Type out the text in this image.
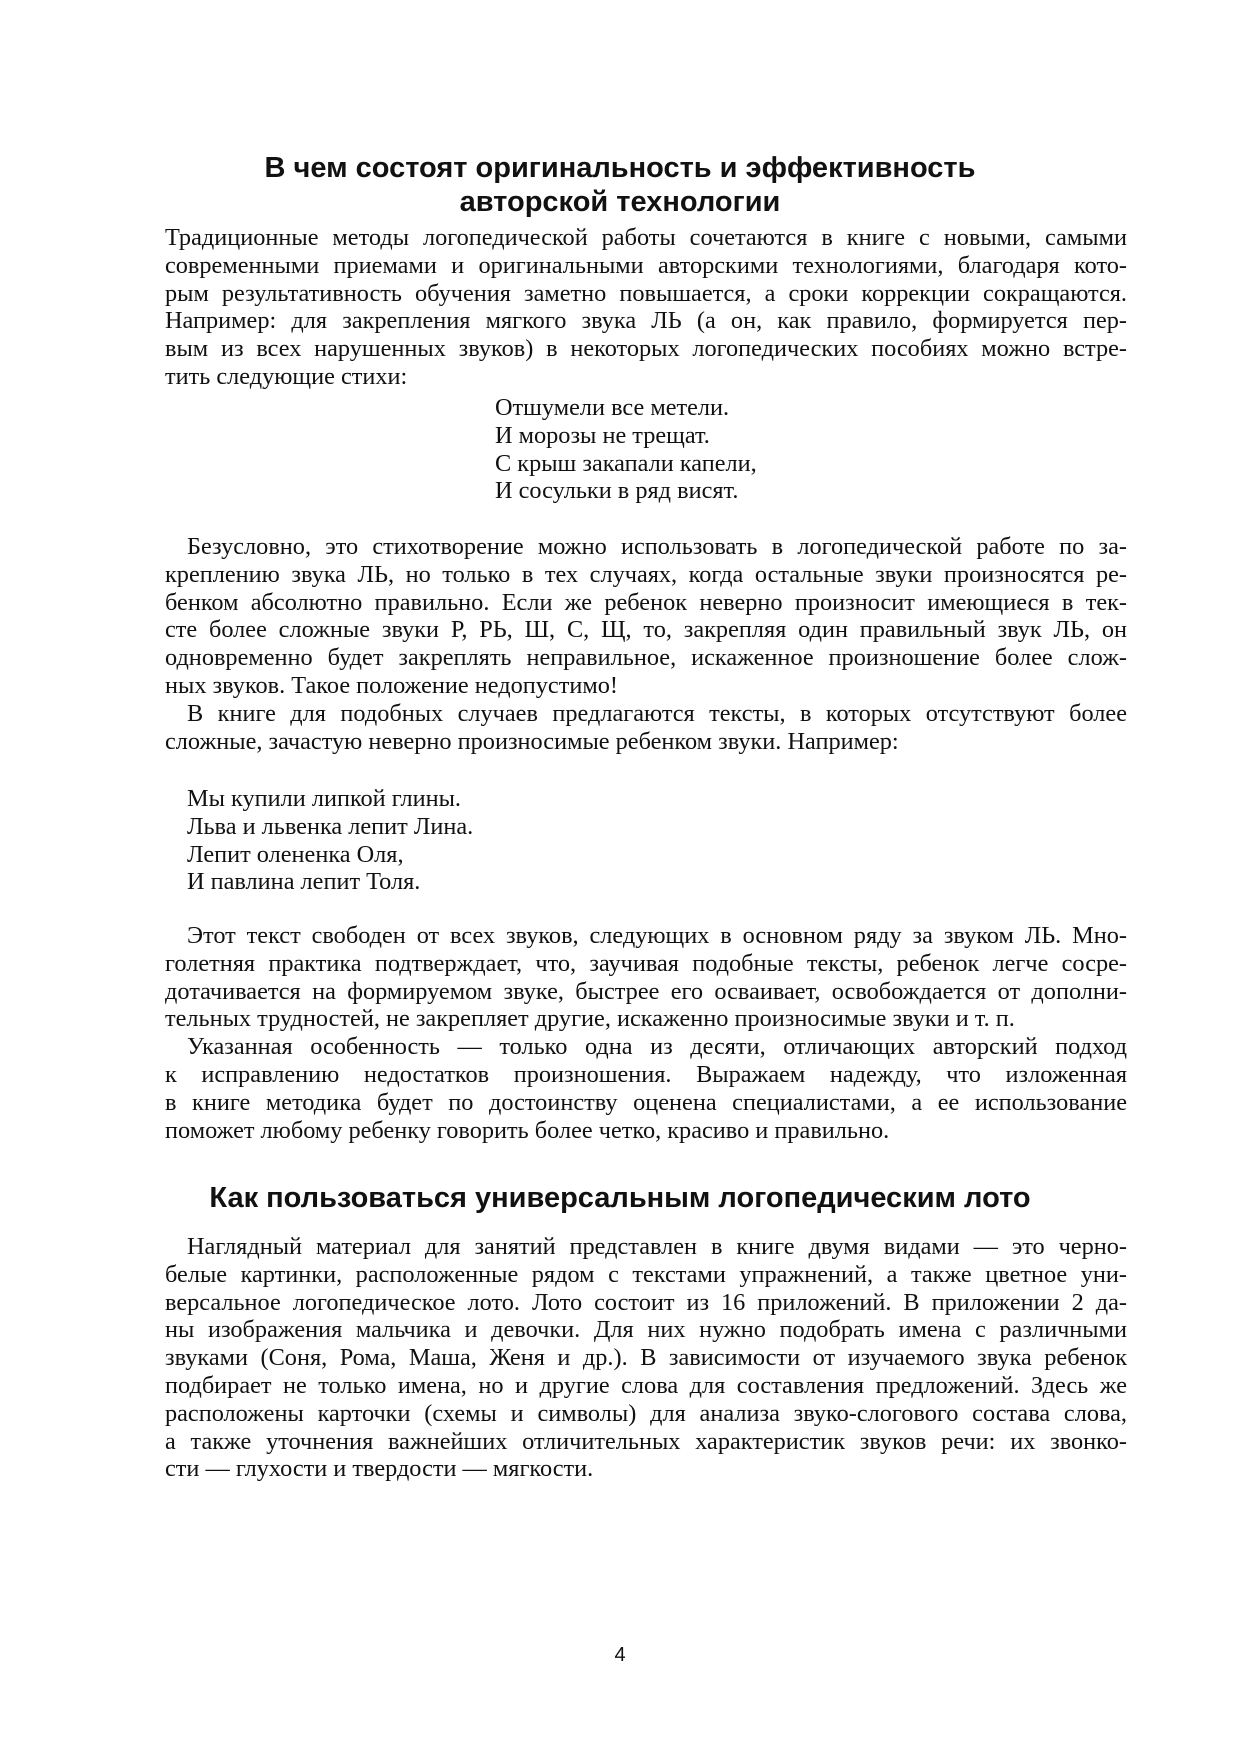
В чем состоят оригинальность и эффективность
авторской технологии
Традиционные методы логопедической работы сочетаются в книге с новыми, самыми
современными приемами и оригинальными авторскими технологиями, благодаря кото-
рым результативность обучения заметно повышается, а сроки коррекции сокращаются.
Например: для закрепления мягкого звука ЛЬ (а он, как правило, формируется пер-
вым из всех нарушенных звуков) в некоторых логопедических пособиях можно встре-
тить следующие стихи:
Отшумели все метели.
И морозы не трещат.
С крыш закапали капели,
И сосульки в ряд висят.
Безусловно, это стихотворение можно использовать в логопедической работе по за-
креплению звука ЛЬ, но только в тех случаях, когда остальные звуки произносятся ре-
бенком абсолютно правильно. Если же ребенок неверно произносит имеющиеся в тек-
сте более сложные звуки Р, РЬ, Ш, С, Щ, то, закрепляя один правильный звук ЛЬ, он
одновременно будет закреплять неправильное, искаженное произношение более слож-
ных звуков. Такое положение недопустимо!
В книге для подобных случаев предлагаются тексты, в которых отсутствуют более
сложные, зачастую неверно произносимые ребенком звуки. Например:
Мы купили липкой глины.
Льва и львенка лепит Лина.
Лепит олененка Оля,
И павлина лепит Толя.
Этот текст свободен от всех звуков, следующих в основном ряду за звуком ЛЬ. Мно-
голетняя практика подтверждает, что, заучивая подобные тексты, ребенок легче сосре-
дотачивается на формируемом звуке, быстрее его осваивает, освобождается от дополни-
тельных трудностей, не закрепляет другие, искаженно произносимые звуки и т. п.
Указанная особенность — только одна из десяти, отличающих авторский подход
к исправлению недостатков произношения. Выражаем надежду, что изложенная
в книге методика будет по достоинству оценена специалистами, а ее использование
поможет любому ребенку говорить более четко, красиво и правильно.
Как пользоваться универсальным логопедическим лото
Наглядный материал для занятий представлен в книге двумя видами — это черно-
белые картинки, расположенные рядом с текстами упражнений, а также цветное уни-
версальное логопедическое лото. Лото состоит из 16 приложений. В приложении 2 да-
ны изображения мальчика и девочки. Для них нужно подобрать имена с различными
звуками (Соня, Рома, Маша, Женя и др.). В зависимости от изучаемого звука ребенок
подбирает не только имена, но и другие слова для составления предложений. Здесь же
расположены карточки (схемы и символы) для анализа звуко-слогового состава слова,
а также уточнения важнейших отличительных характеристик звуков речи: их звонко-
сти — глухости и твердости — мягкости.
4
